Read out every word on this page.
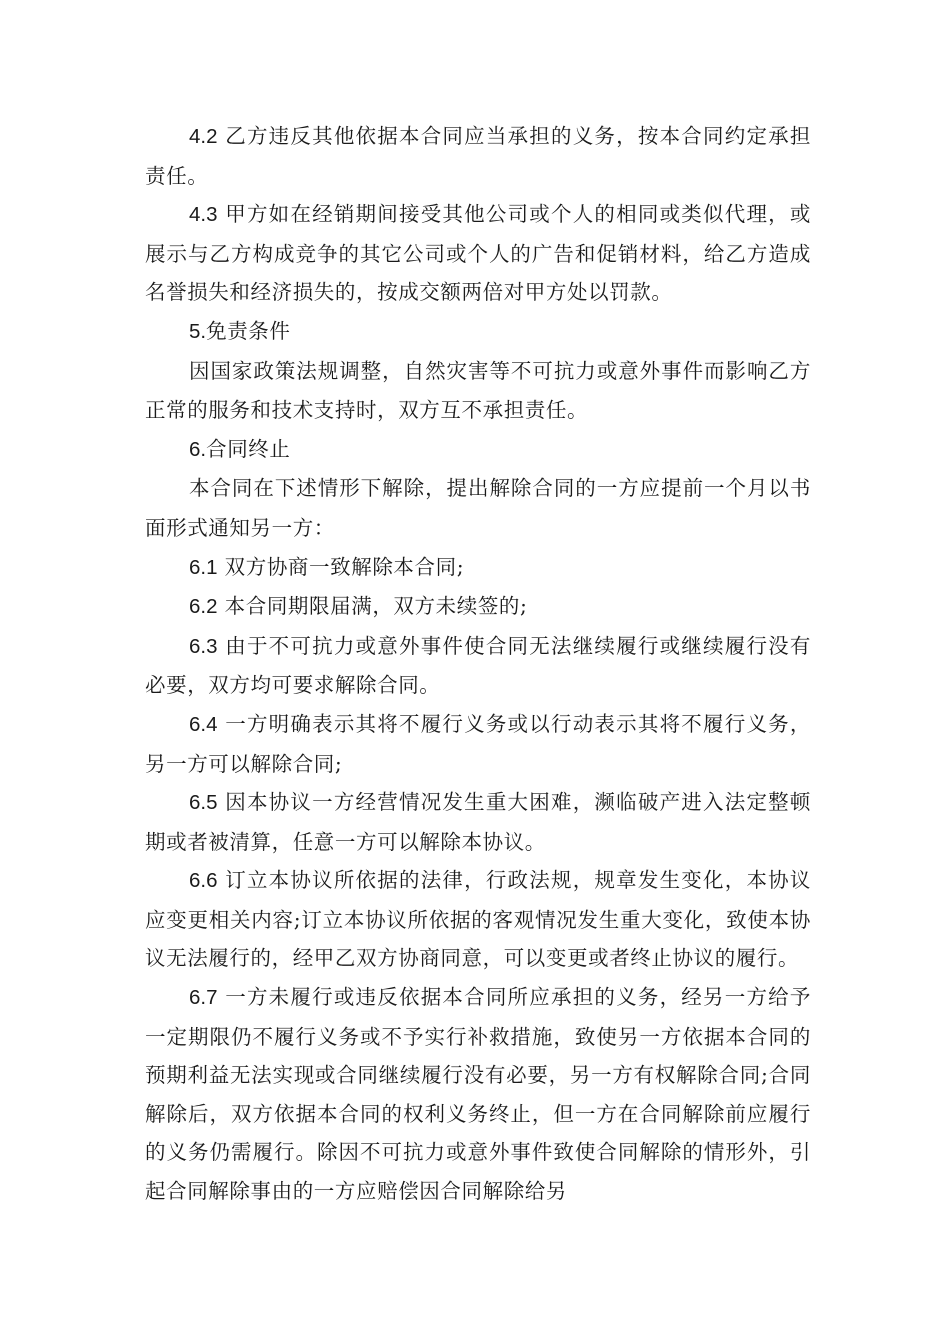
4.2 乙方违反其他依据本合同应当承担的义务，按本合同约定承担责任。

4.3 甲方如在经销期间接受其他公司或个人的相同或类似代理，或展示与乙方构成竞争的其它公司或个人的广告和促销材料，给乙方造成名誉损失和经济损失的，按成交额两倍对甲方处以罚款。

5.免责条件

因国家政策法规调整，自然灾害等不可抗力或意外事件而影响乙方正常的服务和技术支持时，双方互不承担责任。

6.合同终止

本合同在下述情形下解除，提出解除合同的一方应提前一个月以书面形式通知另一方：

6.1 双方协商一致解除本合同;

6.2 本合同期限届满，双方未续签的;

6.3 由于不可抗力或意外事件使合同无法继续履行或继续履行没有必要，双方均可要求解除合同。

6.4 一方明确表示其将不履行义务或以行动表示其将不履行义务，另一方可以解除合同;

6.5 因本协议一方经营情况发生重大困难，濒临破产进入法定整顿期或者被清算，任意一方可以解除本协议。

6.6 订立本协议所依据的法律，行政法规，规章发生变化，本协议应变更相关内容;订立本协议所依据的客观情况发生重大变化，致使本协议无法履行的，经甲乙双方协商同意，可以变更或者终止协议的履行。

6.7 一方未履行或违反依据本合同所应承担的义务，经另一方给予一定期限仍不履行义务或不予实行补救措施，致使另一方依据本合同的预期利益无法实现或合同继续履行没有必要，另一方有权解除合同;合同解除后，双方依据本合同的权利义务终止，但一方在合同解除前应履行的义务仍需履行。除因不可抗力或意外事件致使合同解除的情形外，引起合同解除事由的一方应赔偿因合同解除给另
